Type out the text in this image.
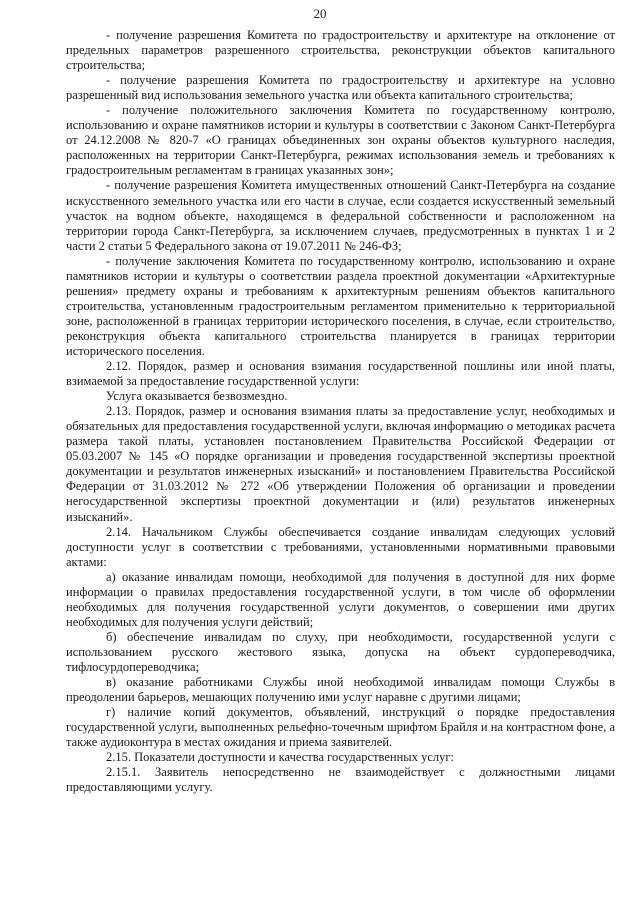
20

- получение разрешения Комитета по градостроительству и архитектуре на отклонение от предельных параметров разрешенного строительства, реконструкции объектов капитального строительства;

- получение разрешения Комитета по градостроительству и архитектуре на условно разрешенный вид использования земельного участка или объекта капитального строительства;

- получение положительного заключения Комитета по государственному контролю, использованию и охране памятников истории и культуры в соответствии с Законом Санкт-Петербурга от 24.12.2008 № 820-7 «О границах объединенных зон охраны объектов культурного наследия, расположенных на территории Санкт-Петербурга, режимах использования земель и требованиях к градостроительным регламентам в границах указанных зон»;

- получение разрешения Комитета имущественных отношений Санкт-Петербурга на создание искусственного земельного участка или его части в случае, если создается искусственный земельный участок на водном объекте, находящемся в федеральной собственности и расположенном на территории города Санкт-Петербурга, за исключением случаев, предусмотренных в пунктах 1 и 2 части 2 статьи 5 Федерального закона от 19.07.2011 № 246-ФЗ;

- получение заключения Комитета по государственному контролю, использованию и охране памятников истории и культуры о соответствии раздела проектной документации «Архитектурные решения» предмету охраны и требованиям к архитектурным решениям объектов капитального строительства, установленным градостроительным регламентом применительно к территориальной зоне, расположенной в границах территории исторического поселения, в случае, если строительство, реконструкция объекта капитального строительства планируется в границах территории исторического поселения.

2.12. Порядок, размер и основания взимания государственной пошлины или иной платы, взимаемой за предоставление государственной услуги:

Услуга оказывается безвозмездно.

2.13. Порядок, размер и основания взимания платы за предоставление услуг, необходимых и обязательных для предоставления государственной услуги, включая информацию о методиках расчета размера такой платы, установлен постановлением Правительства Российской Федерации от 05.03.2007 № 145 «О порядке организации и проведения государственной экспертизы проектной документации и результатов инженерных изысканий» и постановлением Правительства Российской Федерации от 31.03.2012 № 272 «Об утверждении Положения об организации и проведении негосударственной экспертизы проектной документации и (или) результатов инженерных изысканий».

2.14. Начальником Службы обеспечивается создание инвалидам следующих условий доступности услуг в соответствии с требованиями, установленными нормативными правовыми актами:

а) оказание инвалидам помощи, необходимой для получения в доступной для них форме информации о правилах предоставления государственной услуги, в том числе об оформлении необходимых для получения государственной услуги документов, о совершении ими других необходимых для получения услуги действий;

б) обеспечение инвалидам по слуху, при необходимости, государственной услуги с использованием русского жестового языка, допуска на объект сурдопереводчика, тифлосурдопереводчика;

в) оказание работниками Службы иной необходимой инвалидам помощи Службы в преодолении барьеров, мешающих получению ими услуг наравне с другими лицами;

г) наличие копий документов, объявлений, инструкций о порядке предоставления государственной услуги, выполненных рельефно-точечным шрифтом Брайля и на контрастном фоне, а также аудиоконтура в местах ожидания и приема заявителей.

2.15. Показатели доступности и качества государственных услуг:

2.15.1. Заявитель непосредственно не взаимодействует с должностными лицами предоставляющими услугу.
